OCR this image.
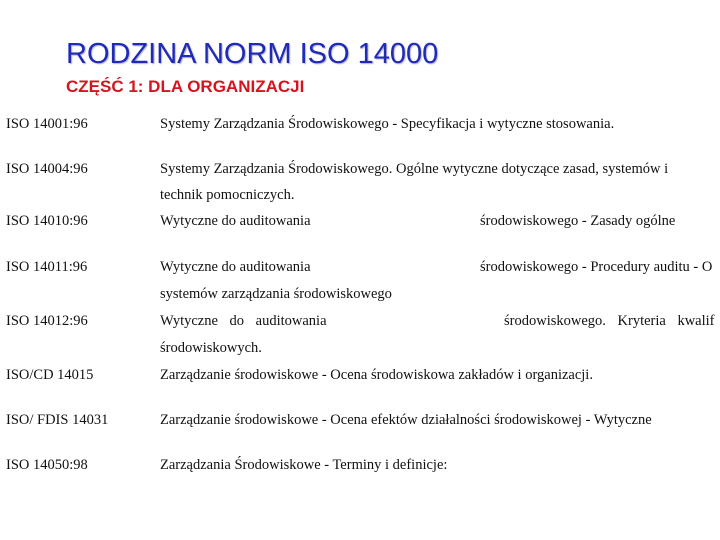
RODZINA NORM ISO 14000
CZĘŚĆ 1: DLA ORGANIZACJI
ISO 14001:96	Systemy Zarządzania Środowiskowego - Specyfikacja i wytyczne stosowania.
ISO 14004:96	Systemy Zarządzania Środowiskowego. Ogólne wytyczne dotyczące zasad, systemów i
technik pomocniczych.
ISO 14010:96	Wytyczne do auditowania	środowiskowego - Zasady ogólne
ISO 14011:96	Wytyczne do auditowania	środowiskowego - Procedury auditu - O
systemów zarządzania środowiskowego
ISO 14012:96	Wytyczne do auditowania	środowiskowego. Kryteria kwalif
środowiskowych.
ISO/CD 14015	Zarządzanie środowiskowe - Ocena środowiskowa zakładów i organizacji.
ISO/ FDIS 14031	Zarządzanie środowiskowe - Ocena efektów działalności środowiskowej - Wytyczne
ISO 14050:98	Zarządzania Środowiskowe - Terminy i definicje:
